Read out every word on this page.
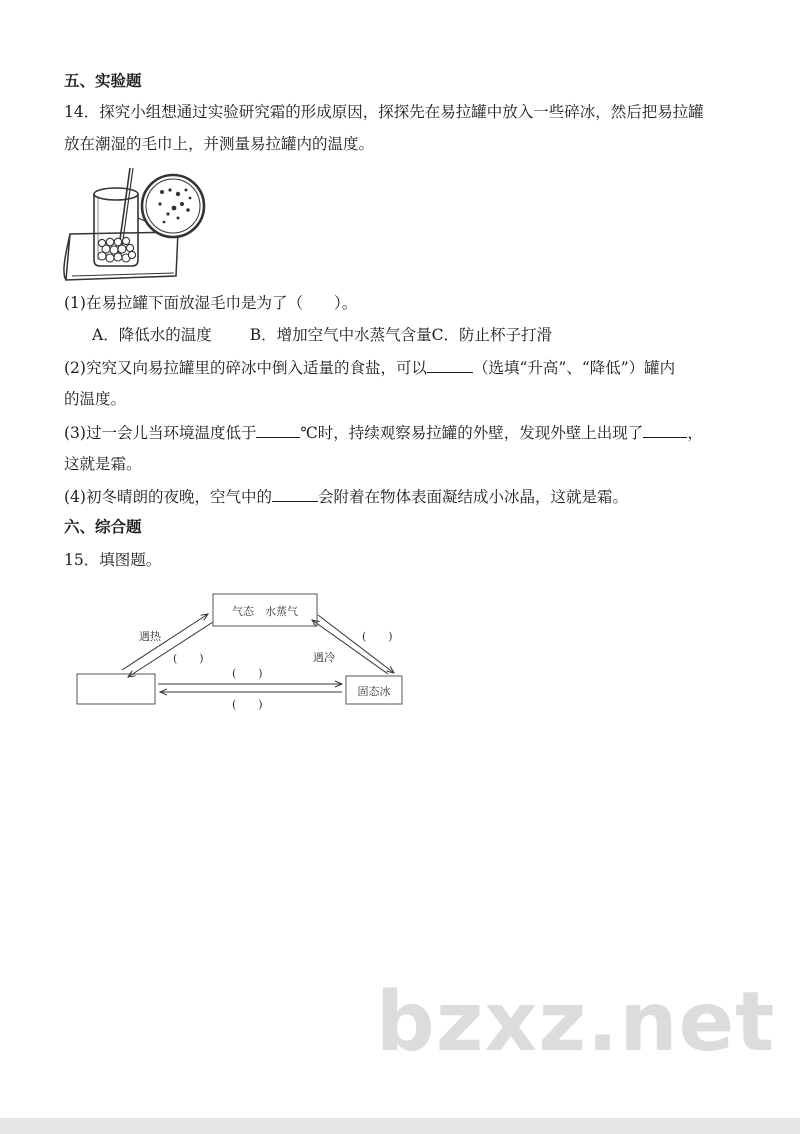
五、实验题
14．探究小组想通过实验研究霜的形成原因，探探先在易拉罐中放入一些碎冰，然后把易拉罐
放在潮湿的毛巾上，并测量易拉罐内的温度。
(1)在易拉罐下面放湿毛巾是为了（　　）。
A．降低水的温度 B．增加空气中水蒸气含量C．防止杯子打滑
(2)究究又向易拉罐里的碎冰中倒入适量的食盐，可以	（选填“升高”、“降低”）罐内
的温度。
(3)过一会儿当环境温度低于	℃时，持续观察易拉罐的外壁，发现外壁上出现了	，
这就是霜。
(4)初冬晴朗的夜晚，空气中的	会附着在物体表面凝结成小冰晶，这就是霜。
六、综合题
15．填图题。
气态　水蒸气
固态冰
遇热
遇冷
(　　)
(　　)
(　　)
(　　)
bzxz.net
